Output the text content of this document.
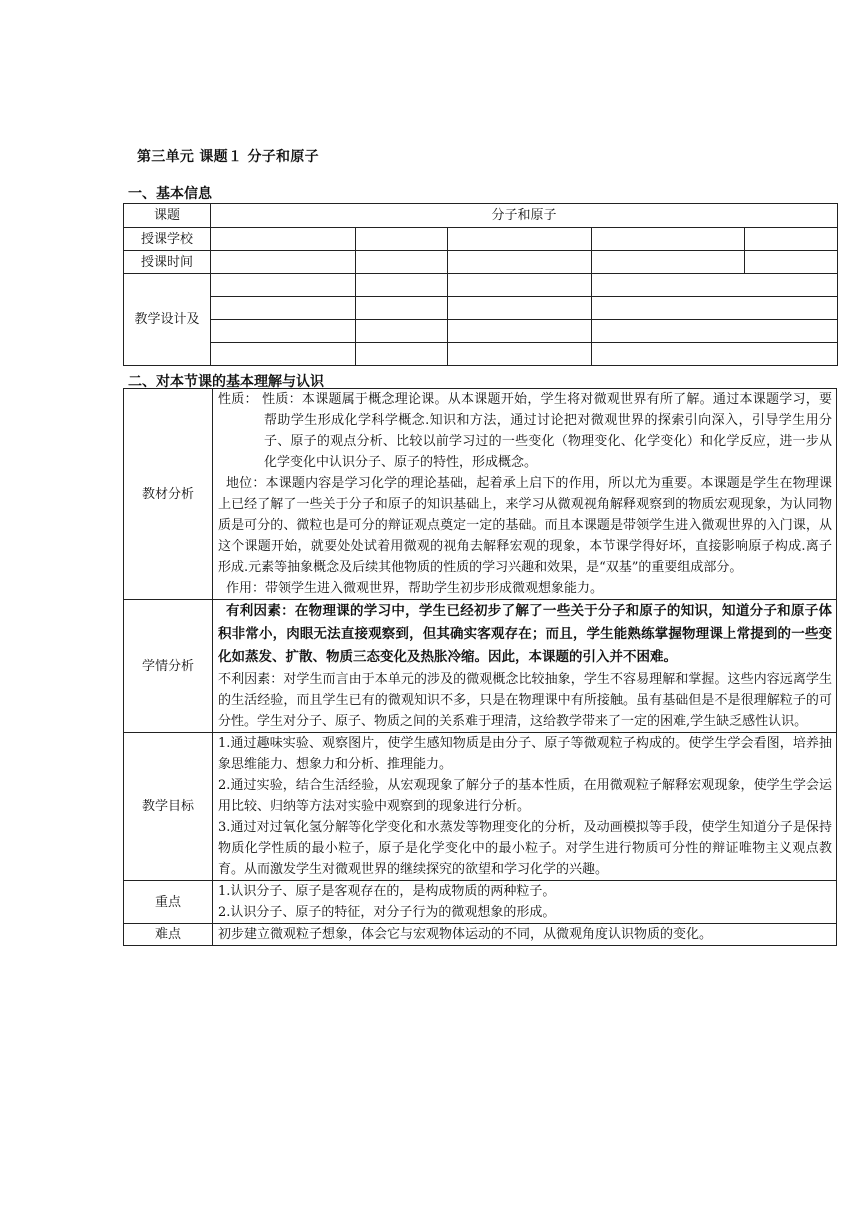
第三单元 课题１ 分子和原子
一、基本信息
课题	分子和原子				
授课学校					
授课时间					
教学设计及					

二、对本节课的基本理解与认识
教材分析	性质： 性质：本课题属于概念理论课。从本课题开始，学生将对微观世界有所了解。通过本课题学习，要帮助学生形成化学科学概念.知识和方法，通过讨论把对微观世界的探索引向深入，引导学生用分子、原子的观点分析、比较以前学习过的一些变化（物理变化、化学变化）和化学反应，进一步从化学变化中认识分子、原子的特性，形成概念。
地位：本课题内容是学习化学的理论基础，起着承上启下的作用，所以尤为重要。本课题是学生在物理课上已经了解了一些关于分子和原子的知识基础上，来学习从微观视角解释观察到的物质宏观现象，为认同物质是可分的、微粒也是可分的辩证观点奠定一定的基础。而且本课题是带领学生进入微观世界的入门课，从这个课题开始，就要处处试着用微观的视角去解释宏观的现象，本节课学得好坏，直接影响原子构成.离子形成.元素等抽象概念及后续其他物质的性质的学习兴趣和效果，是“双基”的重要组成部分。
作用：带领学生进入微观世界，帮助学生初步形成微观想象能力。

学情分析	有利因素：在物理课的学习中，学生已经初步了解了一些关于分子和原子的知识，知道分子和原子体积非常小，肉眼无法直接观察到，但其确实客观存在；而且，学生能熟练掌握物理课上常提到的一些变化如蒸发、扩散、物质三态变化及热胀冷缩。因此，本课题的引入并不困难。
不利因素：对学生而言由于本单元的涉及的微观概念比较抽象，学生不容易理解和掌握。这些内容远离学生的生活经验，而且学生已有的微观知识不多，只是在物理课中有所接触。虽有基础但是不是很理解粒子的可分性。学生对分子、原子、物质之间的关系难于理清，这给教学带来了一定的困难,学生缺乏感性认识。

教学目标	1.通过趣味实验、观察图片，使学生感知物质是由分子、原子等微观粒子构成的。使学生学会看图，培养抽象思维能力、想象力和分析、推理能力。
2.通过实验，结合生活经验，从宏观现象了解分子的基本性质，在用微观粒子解释宏观现象，使学生学会运用比较、归纳等方法对实验中观察到的现象进行分析。
3.通过对过氧化氢分解等化学变化和水蒸发等物理变化的分析，及动画模拟等手段，使学生知道分子是保持物质化学性质的最小粒子，原子是化学变化中的最小粒子。对学生进行物质可分性的辩证唯物主义观点教育。从而激发学生对微观世界的继续探究的欲望和学习化学的兴趣。

重点	1.认识分子、原子是客观存在的，是构成物质的两种粒子。
2.认识分子、原子的特征，对分子行为的微观想象的形成。

难点	初步建立微观粒子想象，体会它与宏观物体运动的不同，从微观角度认识物质的变化。
